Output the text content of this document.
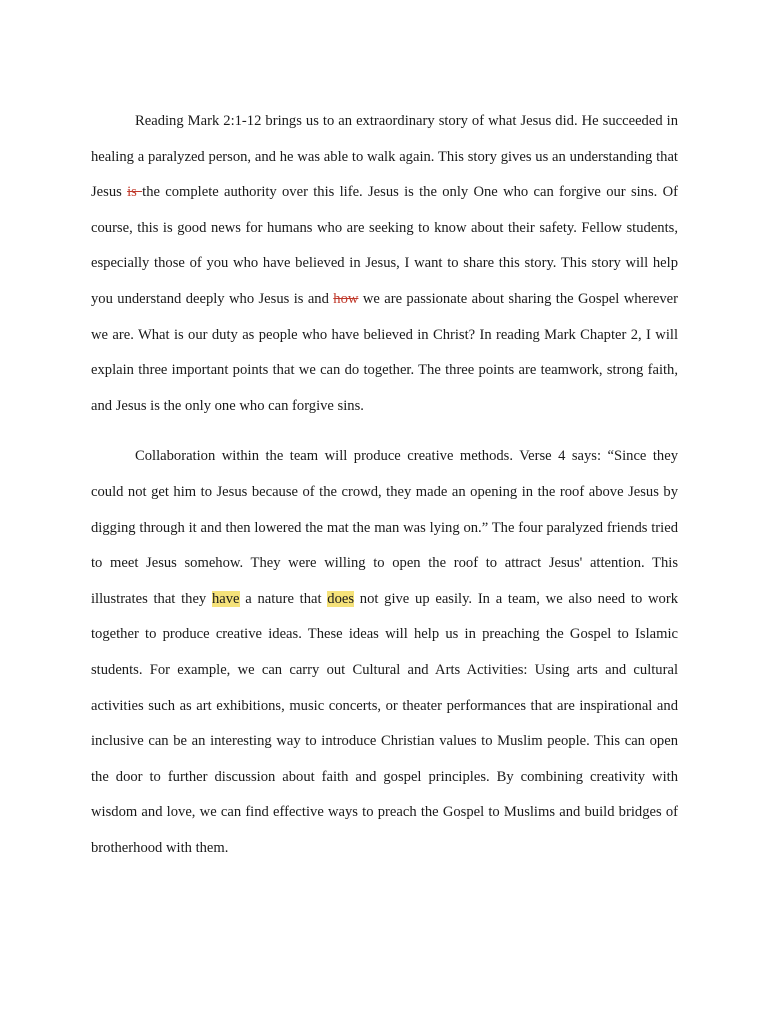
Reading Mark 2:1-12 brings us to an extraordinary story of what Jesus did. He succeeded in healing a paralyzed person, and he was able to walk again. This story gives us an understanding that Jesus is the complete authority over this life. Jesus is the only One who can forgive our sins. Of course, this is good news for humans who are seeking to know about their safety. Fellow students, especially those of you who have believed in Jesus, I want to share this story. This story will help you understand deeply who Jesus is and how we are passionate about sharing the Gospel wherever we are. What is our duty as people who have believed in Christ? In reading Mark Chapter 2, I will explain three important points that we can do together. The three points are teamwork, strong faith, and Jesus is the only one who can forgive sins.

Collaboration within the team will produce creative methods. Verse 4 says: “Since they could not get him to Jesus because of the crowd, they made an opening in the roof above Jesus by digging through it and then lowered the mat the man was lying on.” The four paralyzed friends tried to meet Jesus somehow. They were willing to open the roof to attract Jesus' attention. This illustrates that they have a nature that does not give up easily. In a team, we also need to work together to produce creative ideas. These ideas will help us in preaching the Gospel to Islamic students. For example, we can carry out Cultural and Arts Activities: Using arts and cultural activities such as art exhibitions, music concerts, or theater performances that are inspirational and inclusive can be an interesting way to introduce Christian values to Muslim people. This can open the door to further discussion about faith and gospel principles. By combining creativity with wisdom and love, we can find effective ways to preach the Gospel to Muslims and build bridges of brotherhood with them.
